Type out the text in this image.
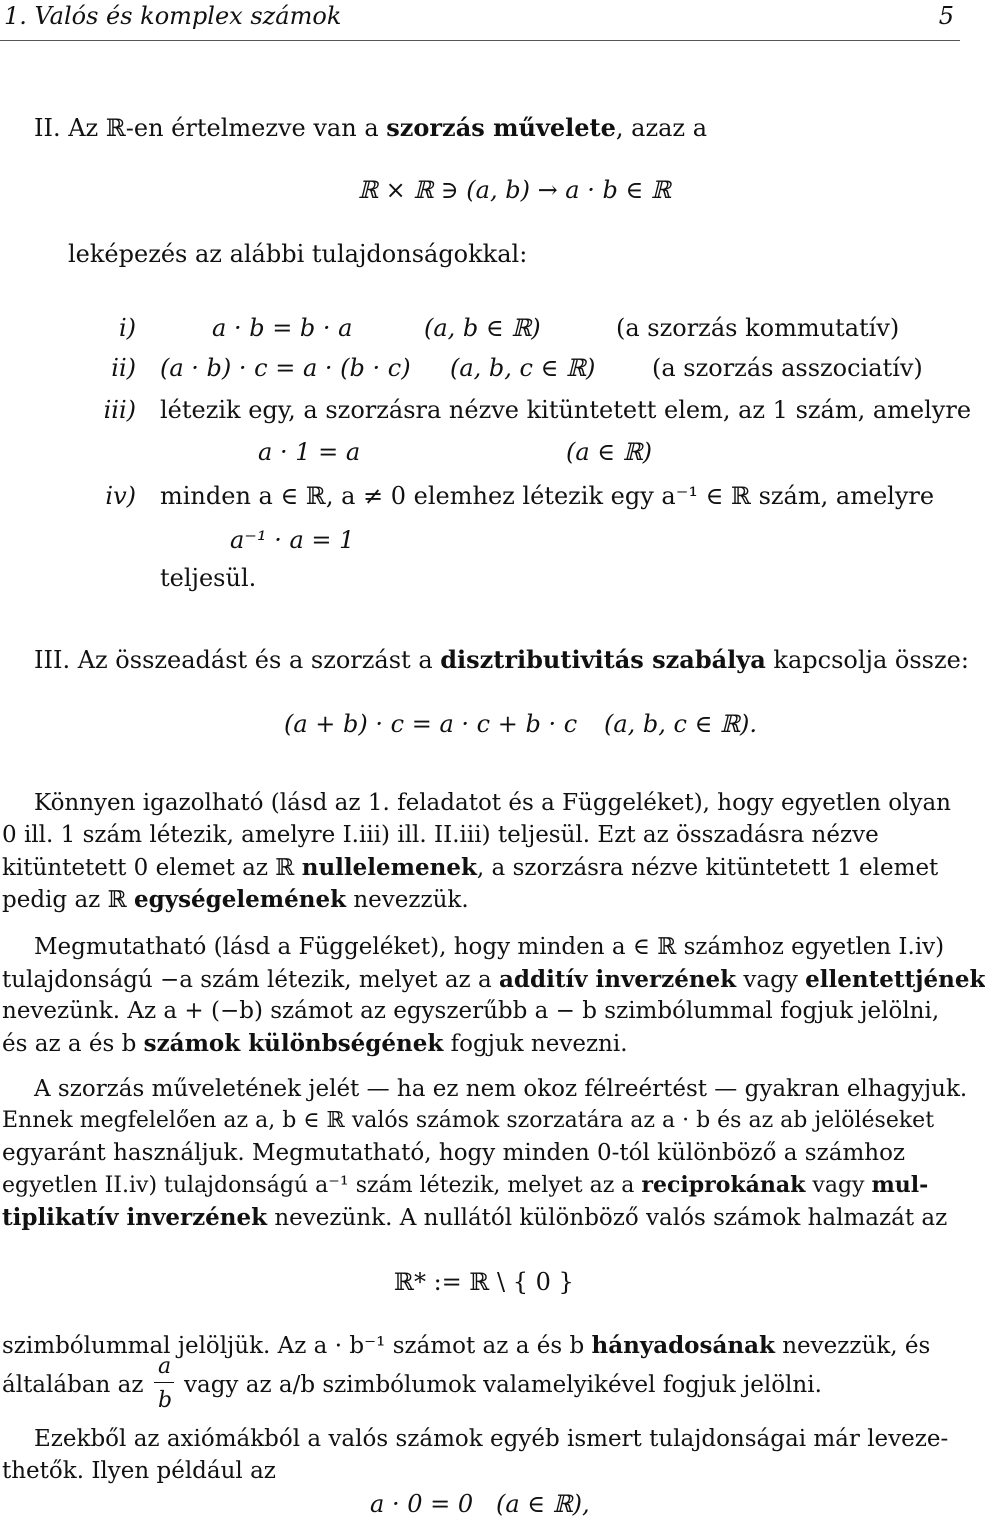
1. Valós és komplex számok	5
II. Az ℝ-en értelmezve van a szorzás művelete, azaz a
ℝ × ℝ ∋ (a, b) → a · b ∈ ℝ
leképezés az alábbi tulajdonságokkal:
i)	a · b = b · a	(a, b ∈ ℝ)	(a szorzás kommutatív)
ii) (a · b) · c = a · (b · c) (a, b, c ∈ ℝ) (a szorzás asszociatív)
iii) létezik egy, a szorzásra nézve kitüntetett elem, az 1 szám, amelyre
a · 1 = a	(a ∈ ℝ)
iv) minden a ∈ ℝ, a ≠ 0 elemhez létezik egy a⁻¹ ∈ ℝ szám, amelyre
a⁻¹ · a = 1
teljesül.
III. Az összeadást és a szorzást a disztributivitás szabálya kapcsolja össze:
(a + b) · c = a · c + b · c (a, b, c ∈ ℝ).
Könnyen igazolható (lásd az 1. feladatot és a Függeléket), hogy egyetlen olyan
0 ill. 1 szám létezik, amelyre I.iii) ill. II.iii) teljesül. Ezt az összadásra nézve
kitüntetett 0 elemet az ℝ nullelemenek, a szorzásra nézve kitüntetett 1 elemet
pedig az ℝ egységelemének nevezzük.
Megmutatható (lásd a Függeléket), hogy minden a ∈ ℝ számhoz egyetlen I.iv)
tulajdonságú −a szám létezik, melyet az a additív inverzének vagy ellentettjének
nevezünk. Az a + (−b) számot az egyszerűbb a − b szimbólummal fogjuk jelölni,
és az a és b számok különbségének fogjuk nevezni.
A szorzás műveletének jelét — ha ez nem okoz félreértést — gyakran elhagyjuk.
Ennek megfelelően az a, b ∈ ℝ valós számok szorzatára az a · b és az ab jelöléseket
egyaránt használjuk. Megmutatható, hogy minden 0-tól különböző a számhoz
egyetlen II.iv) tulajdonságú a⁻¹ szám létezik, melyet az a reciprokának vagy mul-
tiplikatív inverzének nevezünk. A nullától különböző valós számok halmazát az
ℝ* := ℝ \ { 0 }
szimbólummal jelöljük. Az a · b⁻¹ számot az a és b hányadosának nevezzük, és
általában az
a
b
vagy az a/b szimbólumok valamelyikével fogjuk jelölni.
Ezekből az axiómákból a valós számok egyéb ismert tulajdonságai már leveze-
thetők. Ilyen például az
a · 0 = 0   (a ∈ ℝ),
